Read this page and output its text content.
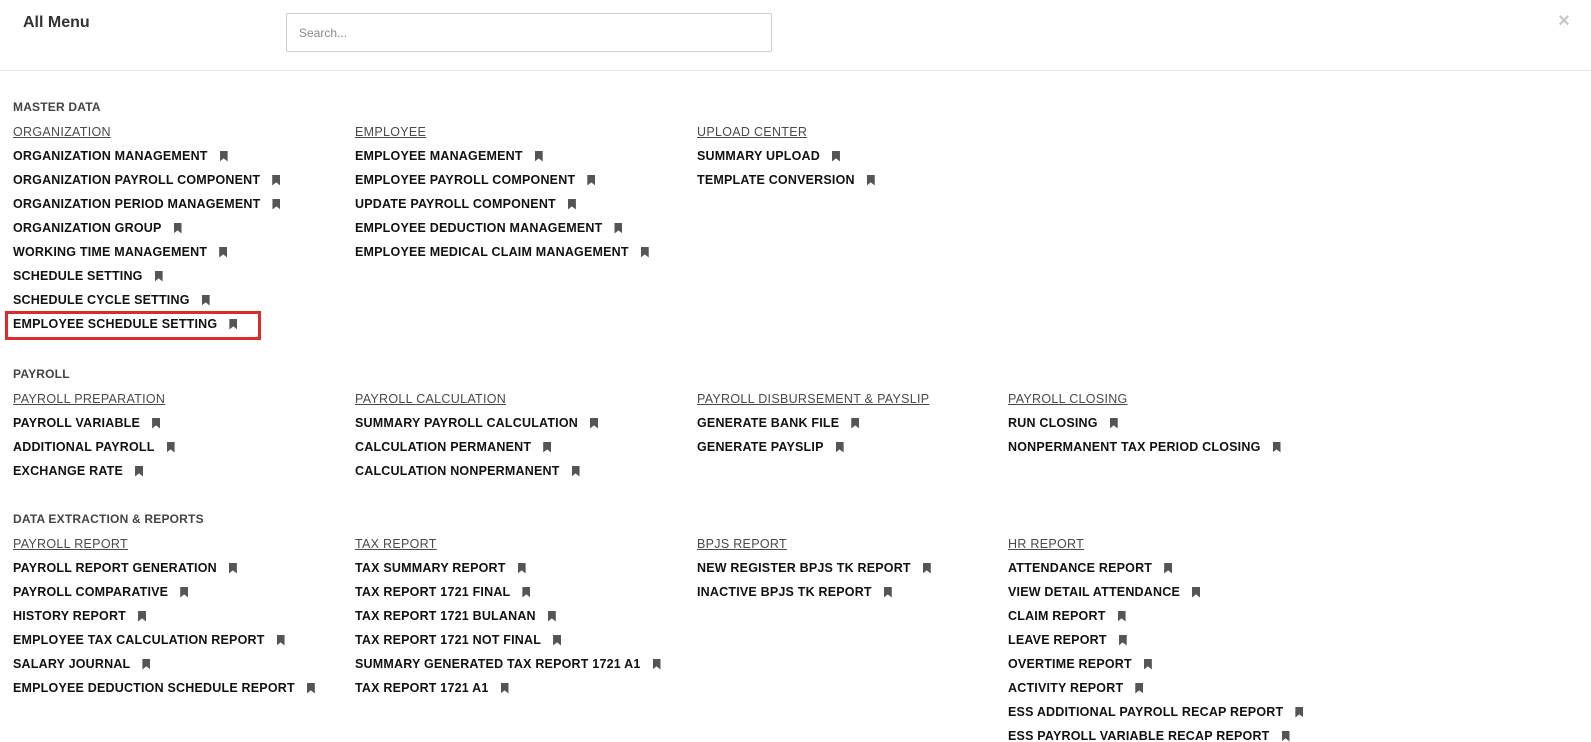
All Menu
Search...	×
MASTER DATA
ORGANIZATION
ORGANIZATION MANAGEMENT
ORGANIZATION PAYROLL COMPONENT
ORGANIZATION PERIOD MANAGEMENT
ORGANIZATION GROUP
WORKING TIME MANAGEMENT
SCHEDULE SETTING
SCHEDULE CYCLE SETTING
EMPLOYEE SCHEDULE SETTING
EMPLOYEE
EMPLOYEE MANAGEMENT
EMPLOYEE PAYROLL COMPONENT
UPDATE PAYROLL COMPONENT
EMPLOYEE DEDUCTION MANAGEMENT
EMPLOYEE MEDICAL CLAIM MANAGEMENT
UPLOAD CENTER
SUMMARY UPLOAD
TEMPLATE CONVERSION
PAYROLL
PAYROLL PREPARATION
PAYROLL VARIABLE
ADDITIONAL PAYROLL
EXCHANGE RATE
PAYROLL CALCULATION
SUMMARY PAYROLL CALCULATION
CALCULATION PERMANENT
CALCULATION NONPERMANENT
PAYROLL DISBURSEMENT & PAYSLIP
GENERATE BANK FILE
GENERATE PAYSLIP
PAYROLL CLOSING
RUN CLOSING
NONPERMANENT TAX PERIOD CLOSING
DATA EXTRACTION & REPORTS
PAYROLL REPORT
PAYROLL REPORT GENERATION
PAYROLL COMPARATIVE
HISTORY REPORT
EMPLOYEE TAX CALCULATION REPORT
SALARY JOURNAL
EMPLOYEE DEDUCTION SCHEDULE REPORT
TAX REPORT
TAX SUMMARY REPORT
TAX REPORT 1721 FINAL
TAX REPORT 1721 BULANAN
TAX REPORT 1721 NOT FINAL
SUMMARY GENERATED TAX REPORT 1721 A1
TAX REPORT 1721 A1
BPJS REPORT
NEW REGISTER BPJS TK REPORT
INACTIVE BPJS TK REPORT
HR REPORT
ATTENDANCE REPORT
VIEW DETAIL ATTENDANCE
CLAIM REPORT
LEAVE REPORT
OVERTIME REPORT
ACTIVITY REPORT
ESS ADDITIONAL PAYROLL RECAP REPORT
ESS PAYROLL VARIABLE RECAP REPORT
